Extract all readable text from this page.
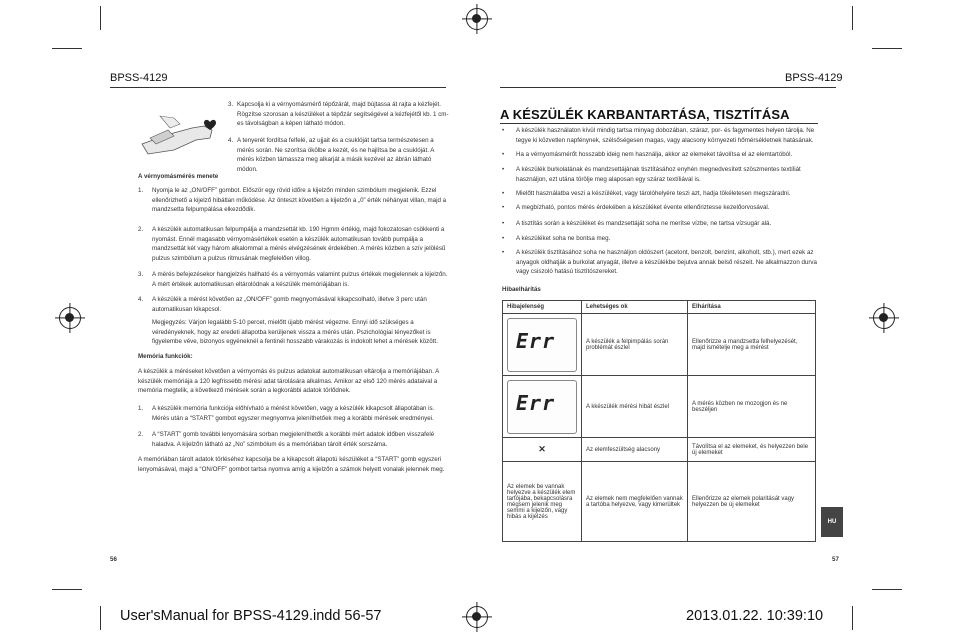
BPSS-4129	BPSS-4129
3. Kapcsolja ki a vérnyomásmérő tépőzárát, majd bújtassa át rajta a kézfejét. Rögzítse szorosan a készüléket a tépőzár segítségével a kézfejétől kb. 1 cm-es távolságban a képen látható módon.
4. A tenyerét fordítsa felfelé, az ujjait és a csuklóját tartsa természetesen a mérés során. Ne szorítsa ökölbe a kezét, és ne hajlítsa be a csuklóját. A mérés közben támassza meg alkarját a másik kezével az ábrán látható módon.
A vérnyomásmérés menete
1.	Nyomja le az „ON/OFF” gombot. Először egy rövid időre a kijelzőn minden szimbólum megjelenik. Ezzel ellenőrizhető a kijelző hibátlan működése. Az önteszt követően a kijelzőn a „0” érték néhányat villan, majd a mandzsetta felpumpálása elkezdődik.
2.	A készülék automatikusan felpumpálja a mandzsettát kb. 190 Hgmm értékig, majd fokozatosan csökkenti a nyomást. Ennél magasabb vérnyomásértékek esetén a készülék automatikusan tovább pumpálja a mandzsettát két vagy három alkalommal a mérés elvégzésének érdekében. A mérés közben a szív jelölésű pulzus szimbólum a pulzus ritmusának megfelelően villog.
3.	A mérés befejezésekor hangjelzés hallható és a vérnyomás valamint pulzus értékek megjelennek a kijelzőn. A mért értékek automatikusan eltárolódnak a készülék memóriájában is.
4.	A készülék a mérést követően az „ON/OFF” gomb megnyomásával kikapcsolható, illetve 3 perc után automatikusan kikapcsol.
Megjegyzés: Várjon legalább 5-10 percet, mielőtt újabb mérést végezne. Ennyi idő szükséges a véredényeknek, hogy az eredeti állapotba kerüljenek vissza a mérés után. Pszichológiai tényezőket is figyelembe véve, bizonyos egyéneknél a fentinél hosszabb várakozás is indokolt lehet a mérések között.
Memória funkciók:
A készülék a méréseket követően a vérnyomás és pulzus adatokat automatikusan eltárolja a memóriájában. A készülék memóriája a 120 legfrissebb mérési adat tárolására alkalmas. Amikor az első 120 mérés adataival a memória megtelik, a következő mérések során a legkorábbi adatok törlődnek.
1.	A készülék memória funkciója előhívható a mérést követően, vagy a készülék kikapcsolt állapotában is. Mérés után a “START” gombot egyszer megnyomva jeleníthetőek meg a korábbi mérések eredményei.
2.	A “START” gomb további lenyomására sorban megjeleníthetők a korábbi mért adatok időben visszafelé haladva. A kijelzőn látható az „No” szimbólum és a memóriában tárolt érték sorszáma.
A memóriában tárolt adatok törléséhez kapcsolja be a kikapcsolt állapotú készüléket a “START” gomb egyszeri lenyomásával, majd a “ON/OFF” gombot tartsa nyomva amíg a kijelzőn a számok helyett vonalak jelennek meg.
56
A KÉSZÜLÉK KARBANTARTÁSA, TISZTÍTÁSA
• A készülék használaton kívül mindig tartsa minyag dobozában, száraz, por- és fagymentes helyen tárolja. Ne tegye ki közvetlen napfénynek, szélsőségesen magas, vagy alacsony környezeti hőmérsékletnek hatásának.
• Ha a vérnyomásmérőt hosszabb ideig nem használja, akkor az elemeket távolítsa el az elemtartóból.
• A készülék burkolatának és mandzsettájának tisztításához enyhén megnedvesített szöszmentes textíliát használjon, ezt utána törölje meg alaposan egy száraz textíliával is.
• Mielőtt használatba veszi a készüléket, vagy tárolóhelyére teszi azt, hadja tökéletesen megszáradni.
• A megbízható, pontos mérés érdekében a készüléket évente ellenőriztesse kezelőorvosával.
• A tisztítás során a készüléket és mandzsettáját soha ne merítse vízbe, ne tartsa vízsugár alá.
• A készüléket soha ne bontsa meg.
• A készülék tisztításához soha ne használjon oldószert (acetont, benzolt, benzint, alkoholt, stb.), mert ezek az anyagok oldhatják a burkolat anyagát, illetve a készülékbe bejutva annak belső részeit. Ne alkalmazzon durva vagy csiszoló hatású tisztítószereket.
Hibaelhárítás
Hibajelenség	Lehetséges ok	Elhárítása

Err	A készülék a felpimpálás során problémát észlel	Ellenőrizze a mandzsetta felhelyezését, majd ismételje meg a mérést

Err	A kkészülék mérési hibát észlel	A mérés közben ne mozogjon és ne beszéljen
✕	Az elemfeszültség alacsony	Távolítsa el az elemeket, és helyezzen bele új elemeket
Az elemek be vannak helyezve a készülék elem tartójába, bekapcsolásra mégsem jelenik meg semmi a kijelzőn, vagy hibás a kijelzés	Az elemek nem megfelelően vannak a tartóba helyezve, vagy kimerültek	Ellenőrizze az elemek polaritását vagy helyezzen be új elemeket
HU
57
User'sManual for BPSS-4129.indd 56-57	2013.01.22. 10:39:10
